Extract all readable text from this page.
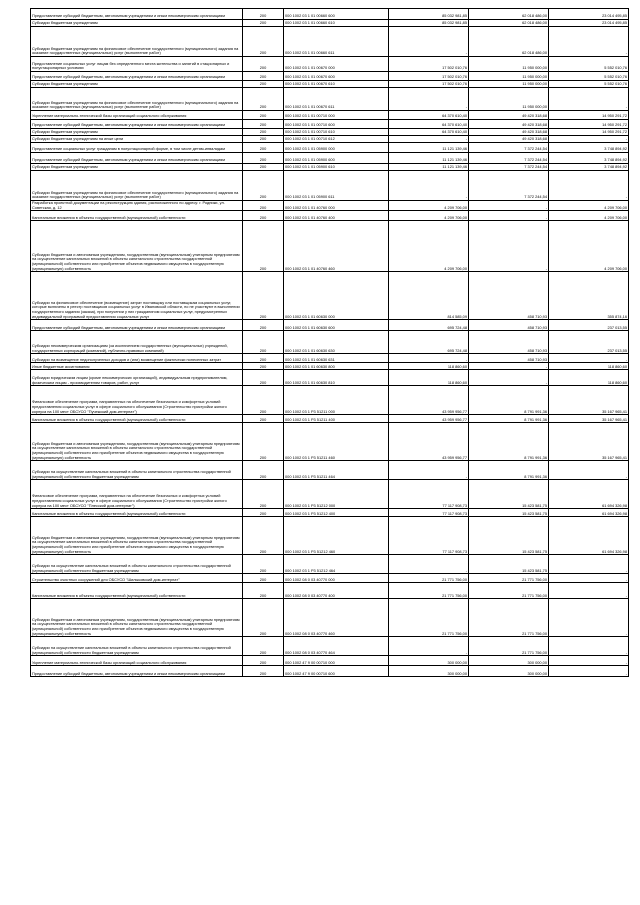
Предоставление субсидий бюджетным, автономным учреждениям и иным некоммерческим организациям	200	000 1002 03 1 01 00660 600	85 032 981,85	62 018 486,00	23 014 495,85
Субсидии бюджетным учреждениям	200	000 1002 03 1 01 00660 610	85 032 981,85	62 018 486,00	23 014 495,85
Субсидии бюджетным учреждениям на финансовое обеспечение государственного (муниципального) задания на оказание государственных (муниципальных) услуг (выполнение работ)	200	000 1002 03 1 01 00660 611	-	62 018 486,00	-
Предоставление социальных услуг лицам без определенного места жительства и занятий в стационарных и полустационарных условиях	200	000 1002 03 1 01 00670 000	17 502 010,76	11 950 000,00	5 552 010,76
Предоставление субсидий бюджетным, автономным учреждениям и иным некоммерческим организациям	200	000 1002 03 1 01 00670 600	17 502 010,76	11 950 000,00	5 552 010,76
Субсидии бюджетным учреждениям	200	000 1002 03 1 01 00670 610	17 502 010,76	11 950 000,00	5 552 010,76
Субсидии бюджетным учреждениям на финансовое обеспечение государственного (муниципального) задания на оказание государственных (муниципальных) услуг (выполнение работ)	200	000 1002 03 1 01 00670 611	-	11 950 000,00	-
Укрепление материально-технической базы организаций социального обслуживания	200	000 1002 03 1 01 00710 000	64 370 610,40	49 420 318,68	14 950 291,72
Предоставление субсидий бюджетным, автономным учреждениям и иным некоммерческим организациям	200	000 1002 03 1 01 00710 600	64 370 610,40	49 420 318,68	14 950 291,72
Субсидии бюджетным учреждениям	200	000 1002 03 1 01 00710 610	64 370 610,40	49 420 318,68	14 950 291,72
Субсидии бюджетным учреждениям на иные цели	200	000 1002 03 1 01 00710 612	-	49 420 318,68	-
Предоставление социальных услуг гражданам в полустационарной форме, в том числе детям-инвалидам	200	000 1002 03 1 01 05900 000	11 121 139,46	7 372 244,54	3 748 894,92
Предоставление субсидий бюджетным, автономным учреждениям и иным некоммерческим организациям	200	000 1002 03 1 01 05900 600	11 121 139,46	7 372 244,54	3 748 894,92
Субсидии бюджетным учреждениям	200	000 1002 03 1 01 05900 610	11 121 139,46	7 372 244,54	3 748 894,92
Субсидии бюджетным учреждениям на финансовое обеспечение государственного (муниципального) задания на оказание государственных (муниципальных) услуг (выполнение работ)	200	000 1002 03 1 01 05900 611	-	7 372 244,54	-
Разработка проектной документации на реконструкцию здания, расположенного по адресу: г. Родники, ул. Советская, д. 12	200	000 1002 03 1 01 40760 000	4 209 706,00	-	4 209 706,00
Капитальные вложения в объекты государственной (муниципальной) собственности	200	000 1002 03 1 01 40760 400	4 209 706,00	-	4 209 706,00
Субсидии бюджетным и автономным учреждениям, государственным (муниципальным) унитарным предприятиям на осуществление капитальных вложений в объекты капитального строительства государственной (муниципальной) собственности или приобретение объектов недвижимого имущества в государственную (муниципальную) собственность	200	000 1002 03 1 01 40760 460	4 209 706,00	-	4 209 706,00
Субсидии на финансовое обеспечение (возмещение) затрат поставщику или поставщикам социальных услуг, которые включены в реестр поставщиков социальных услуг в Ивановской области, но не участвуют в выполнении государственного задания (заказа), при получении у них гражданином социальных услуг, предусмотренных индивидуальной программой предоставления социальных услуг	200	000 1002 03 1 01 60630 000	814 585,09	458 710,93	355 874,16
Предоставление субсидий бюджетным, автономным учреждениям и иным некоммерческим организациям	200	000 1002 03 1 01 60630 600	695 724,48	458 710,93	237 013,55
Субсидии некоммерческим организациям (за исключением государственных (муниципальных) учреждений, государственных корпораций (компаний), публично-правовых компаний)	200	000 1002 03 1 01 60630 630	695 724,48	458 710,93	237 013,55
Субсидии на возмещение недополученных доходов и (или) возмещение фактически понесенных затрат	200	000 1002 03 1 01 60630 631	-	458 710,93	-
Иные бюджетные ассигнования	200	000 1002 03 1 01 60630 800	118 860,60	-	118 860,60
Субсидии юридическим лицам (кроме некоммерческих организаций), индивидуальным предпринимателям, физическим лицам - производителям товаров, работ, услуг	200	000 1002 03 1 01 60630 810	118 860,60	-	118 860,60
Финансовое обеспечение программ, направленных на обеспечение безопасных и комфортных условий предоставления социальных услуг в сфере социального обслуживания (Строительство пристройки жилого корпуса на 100 мест ОБСУСО "Пучежский дом-интернат")	200	000 1002 03 1 P3 51211 000	43 959 956,77	8 791 991,36	35 167 965,41
Капитальные вложения в объекты государственной (муниципальной) собственности	200	000 1002 03 1 P3 51211 400	43 959 956,77	8 791 991,36	35 167 965,41
Субсидии бюджетным и автономным учреждениям, государственным (муниципальным) унитарным предприятиям на осуществление капитальных вложений в объекты капитального строительства государственной (муниципальной) собственности или приобретение объектов недвижимого имущества в государственную (муниципальную) собственность	200	000 1002 03 1 P3 51211 460	43 959 956,77	8 791 991,36	35 167 965,41
Субсидии на осуществление капитальных вложений в объекты капитального строительства государственной (муниципальной) собственности бюджетным учреждениям	200	000 1002 03 1 P3 51211 464	-	8 791 991,36	-
Финансовое обеспечение программ, направленных на обеспечение безопасных и комфортных условий предоставления социальных услуг в сфере социального обслуживания (Строительство пристройки жилого корпуса на 100 мест ОБСУСО "Плесский дом-интернат")	200	000 1002 03 1 P3 51212 000	77 117 908,73	15 423 581,75	61 694 326,98
Капитальные вложения в объекты государственной (муниципальной) собственности	200	000 1002 03 1 P3 51212 400	77 117 908,73	15 423 581,75	61 694 326,98
Субсидии бюджетным и автономным учреждениям, государственным (муниципальным) унитарным предприятиям на осуществление капитальных вложений в объекты капитального строительства государственной (муниципальной) собственности или приобретение объектов недвижимого имущества в государственную (муниципальную) собственность	200	000 1002 03 1 P3 51212 460	77 117 908,73	15 423 581,75	61 694 326,98
Субсидии на осуществление капитальных вложений в объекты капитального строительства государственной (муниципальной) собственности бюджетным учреждениям	200	000 1002 03 1 P3 51212 464	-	15 423 581,75	-
Строительство очистных сооружений для ОБСУСО "Шилыковский дом-интернат"	200	000 1002 08 0 03 40770 000	21 771 756,00	21 771 756,00	-
Капитальные вложения в объекты государственной (муниципальной) собственности	200	000 1002 08 0 03 40770 400	21 771 756,00	21 771 756,00	-
Субсидии бюджетным и автономным учреждениям, государственным (муниципальным) унитарным предприятиям на осуществление капитальных вложений в объекты капитального строительства государственной (муниципальной) собственности или приобретение объектов недвижимого имущества в государственную (муниципальную) собственность	200	000 1002 08 0 03 40770 460	21 771 756,00	21 771 756,00	-
Субсидии на осуществление капитальных вложений в объекты капитального строительства государственной (муниципальной) собственности бюджетным учреждениям	200	000 1002 08 0 03 40770 464	-	21 771 756,00	-
Укрепление материально-технической базы организаций социального обслуживания	200	000 1002 47 9 00 00710 000	300 000,00	300 000,00	-
Предоставление субсидий бюджетным, автономным учреждениям и иным некоммерческим организациям	200	000 1002 47 9 00 00710 600	300 000,00	300 000,00	-
